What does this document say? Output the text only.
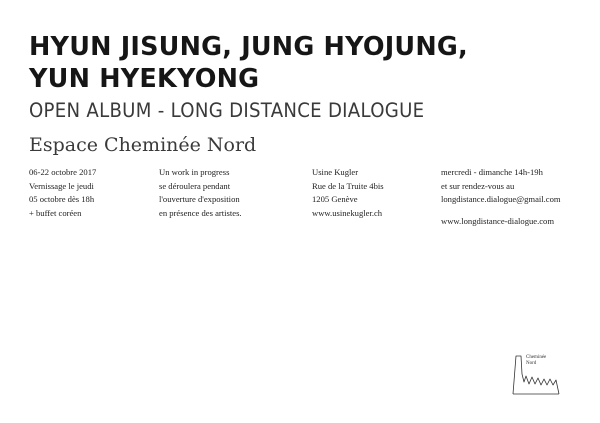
HYUN JISUNG, JUNG HYOJUNG,
YUN HYEKYONG
OPEN ALBUM - LONG DISTANCE DIALOGUE
Espace Cheminée Nord
06-22 octobre 2017
Vernissage le jeudi
05 octobre dès 18h
+ buffet coréen
Un work in progress
se déroulera pendant
l'ouverture d'exposition
en présence des artistes.
Usine Kugler
Rue de la Truite 4bis
1205 Genève
www.usinekugler.ch
mercredi - dimanche 14h-19h
et sur rendez-vous au
longdistance.dialogue@gmail.com
www.longdistance-dialogue.com
Cheminée
Nord
